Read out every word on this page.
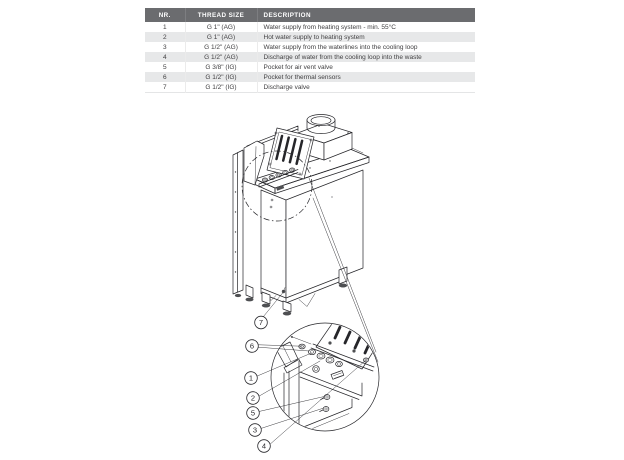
NR.	THREAD SIZE	DESCRIPTION
1	G 1" (AG)	Water supply from heating system - min. 55°C
2	G 1" (AG)	Hot water supply to heating system
3	G 1/2" (AG)	Water supply from the waterlines into the cooling loop
4	G 1/2" (AG)	Discharge of water from the cooling loop into the waste
5	G 3/8" (IG)	Pocket for air vent valve
6	G 1/2" (IG)	Pocket for thermal sensors
7	G 1/2" (IG)	Discharge valve
7
6
1
2
5
3
4
